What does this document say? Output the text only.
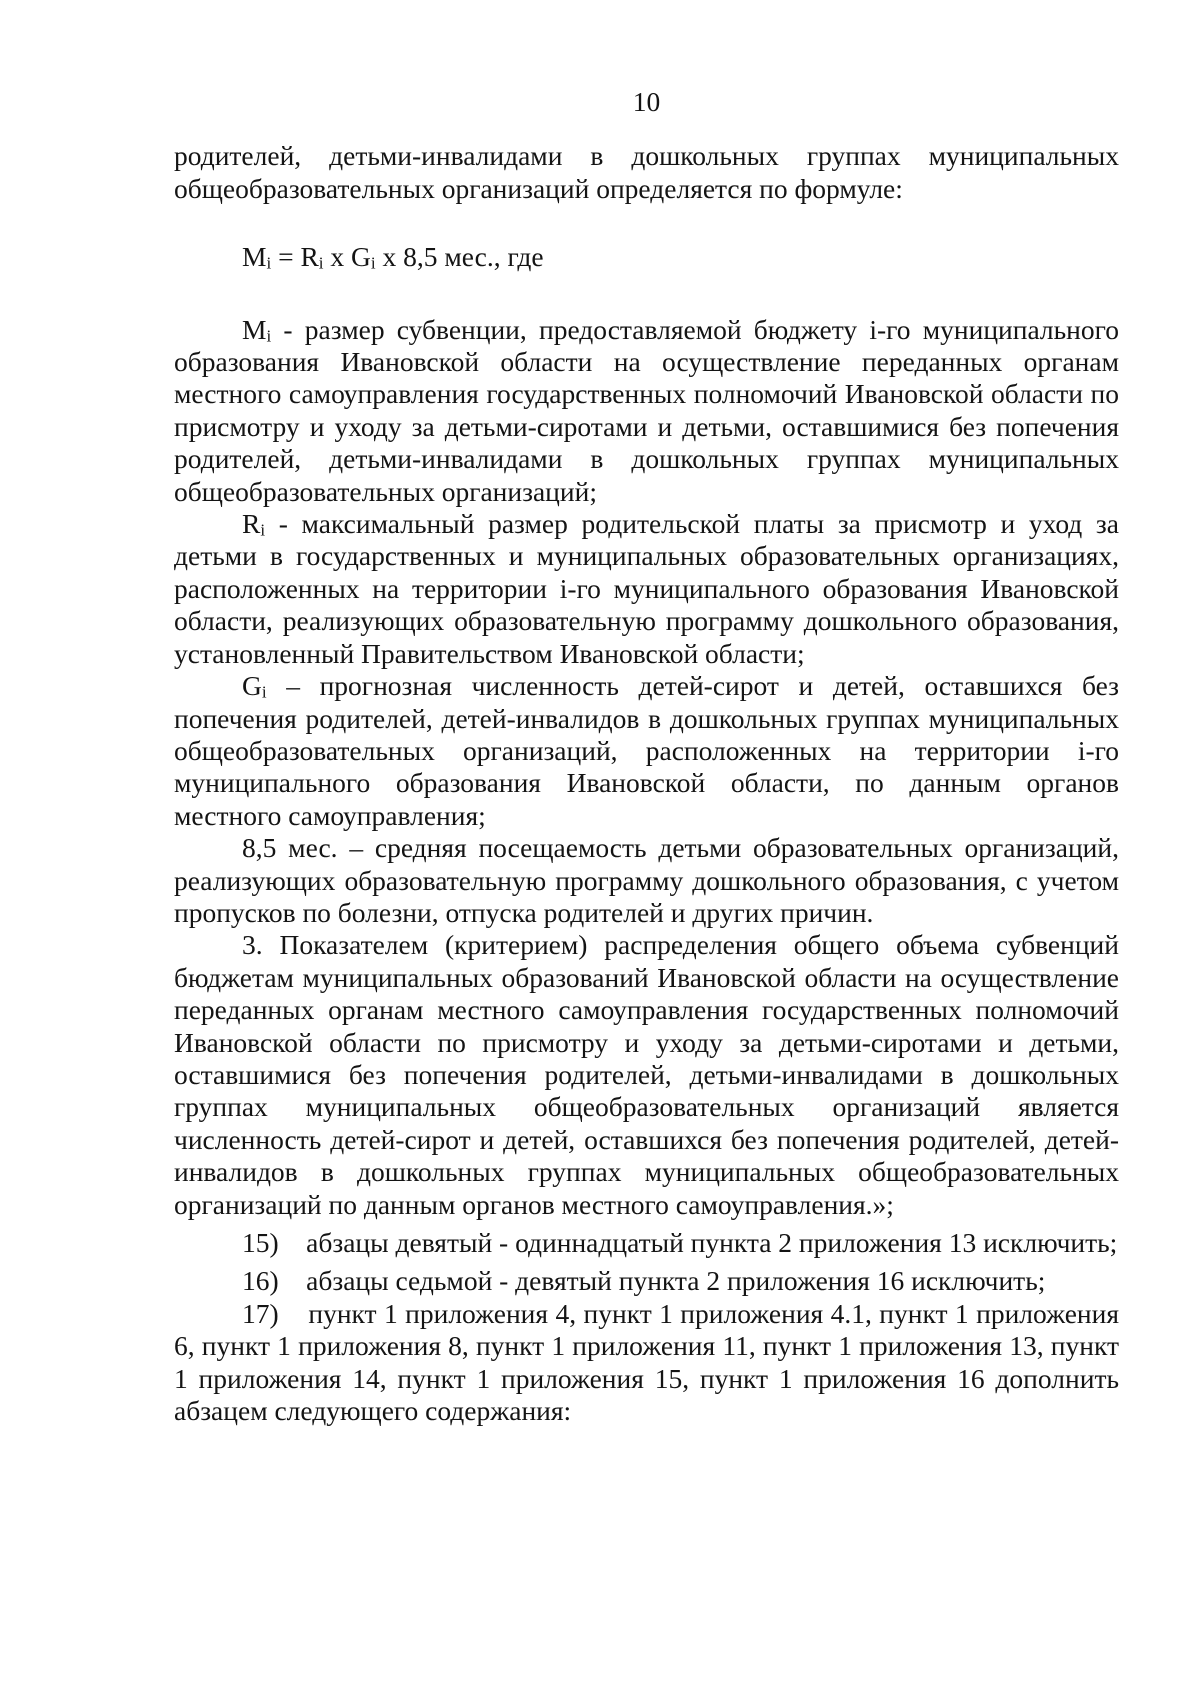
10

родителей, детьми-инвалидами в дошкольных группах муниципальных общеобразовательных организаций определяется по формуле:

$M_i = R_i$ x $G_i$ x 8,5 мес., где

$M_i$ - размер субвенции, предоставляемой бюджету i-го муниципального образования Ивановской области на осуществление переданных органам местного самоуправления государственных полномочий Ивановской области по присмотру и уходу за детьми-сиротами и детьми, оставшимися без попечения родителей, детьми-инвалидами в дошкольных группах муниципальных общеобразовательных организаций;

$R_i$ - максимальный размер родительской платы за присмотр и уход за детьми в государственных и муниципальных образовательных организациях, расположенных на территории i-го муниципального образования Ивановской области, реализующих образовательную программу дошкольного образования, установленный Правительством Ивановской области;

$G_i$ – прогнозная численность детей-сирот и детей, оставшихся без попечения родителей, детей-инвалидов в дошкольных группах муниципальных общеобразовательных организаций, расположенных на территории i-го муниципального образования Ивановской области, по данным органов местного самоуправления;

8,5 мес. – средняя посещаемость детьми образовательных организаций, реализующих образовательную программу дошкольного образования, с учетом пропусков по болезни, отпуска родителей и других причин.

3. Показателем (критерием) распределения общего объема субвенций бюджетам муниципальных образований Ивановской области на осуществление переданных органам местного самоуправления государственных полномочий Ивановской области по присмотру и уходу за детьми-сиротами и детьми, оставшимися без попечения родителей, детьми-инвалидами в дошкольных группах муниципальных общеобразовательных организаций является численность детей-сирот и детей, оставшихся без попечения родителей, детей-инвалидов в дошкольных группах муниципальных общеобразовательных организаций по данным органов местного самоуправления.»;

15)    абзацы девятый - одиннадцатый пункта 2 приложения 13 исключить;

16)    абзацы седьмой - девятый пункта 2 приложения 16 исключить;

17)    пункт 1 приложения 4, пункт 1 приложения 4.1, пункт 1 приложения 6, пункт 1 приложения 8, пункт 1 приложения 11, пункт 1 приложения 13, пункт 1 приложения 14, пункт 1 приложения 15, пункт 1 приложения 16 дополнить абзацем следующего содержания:
